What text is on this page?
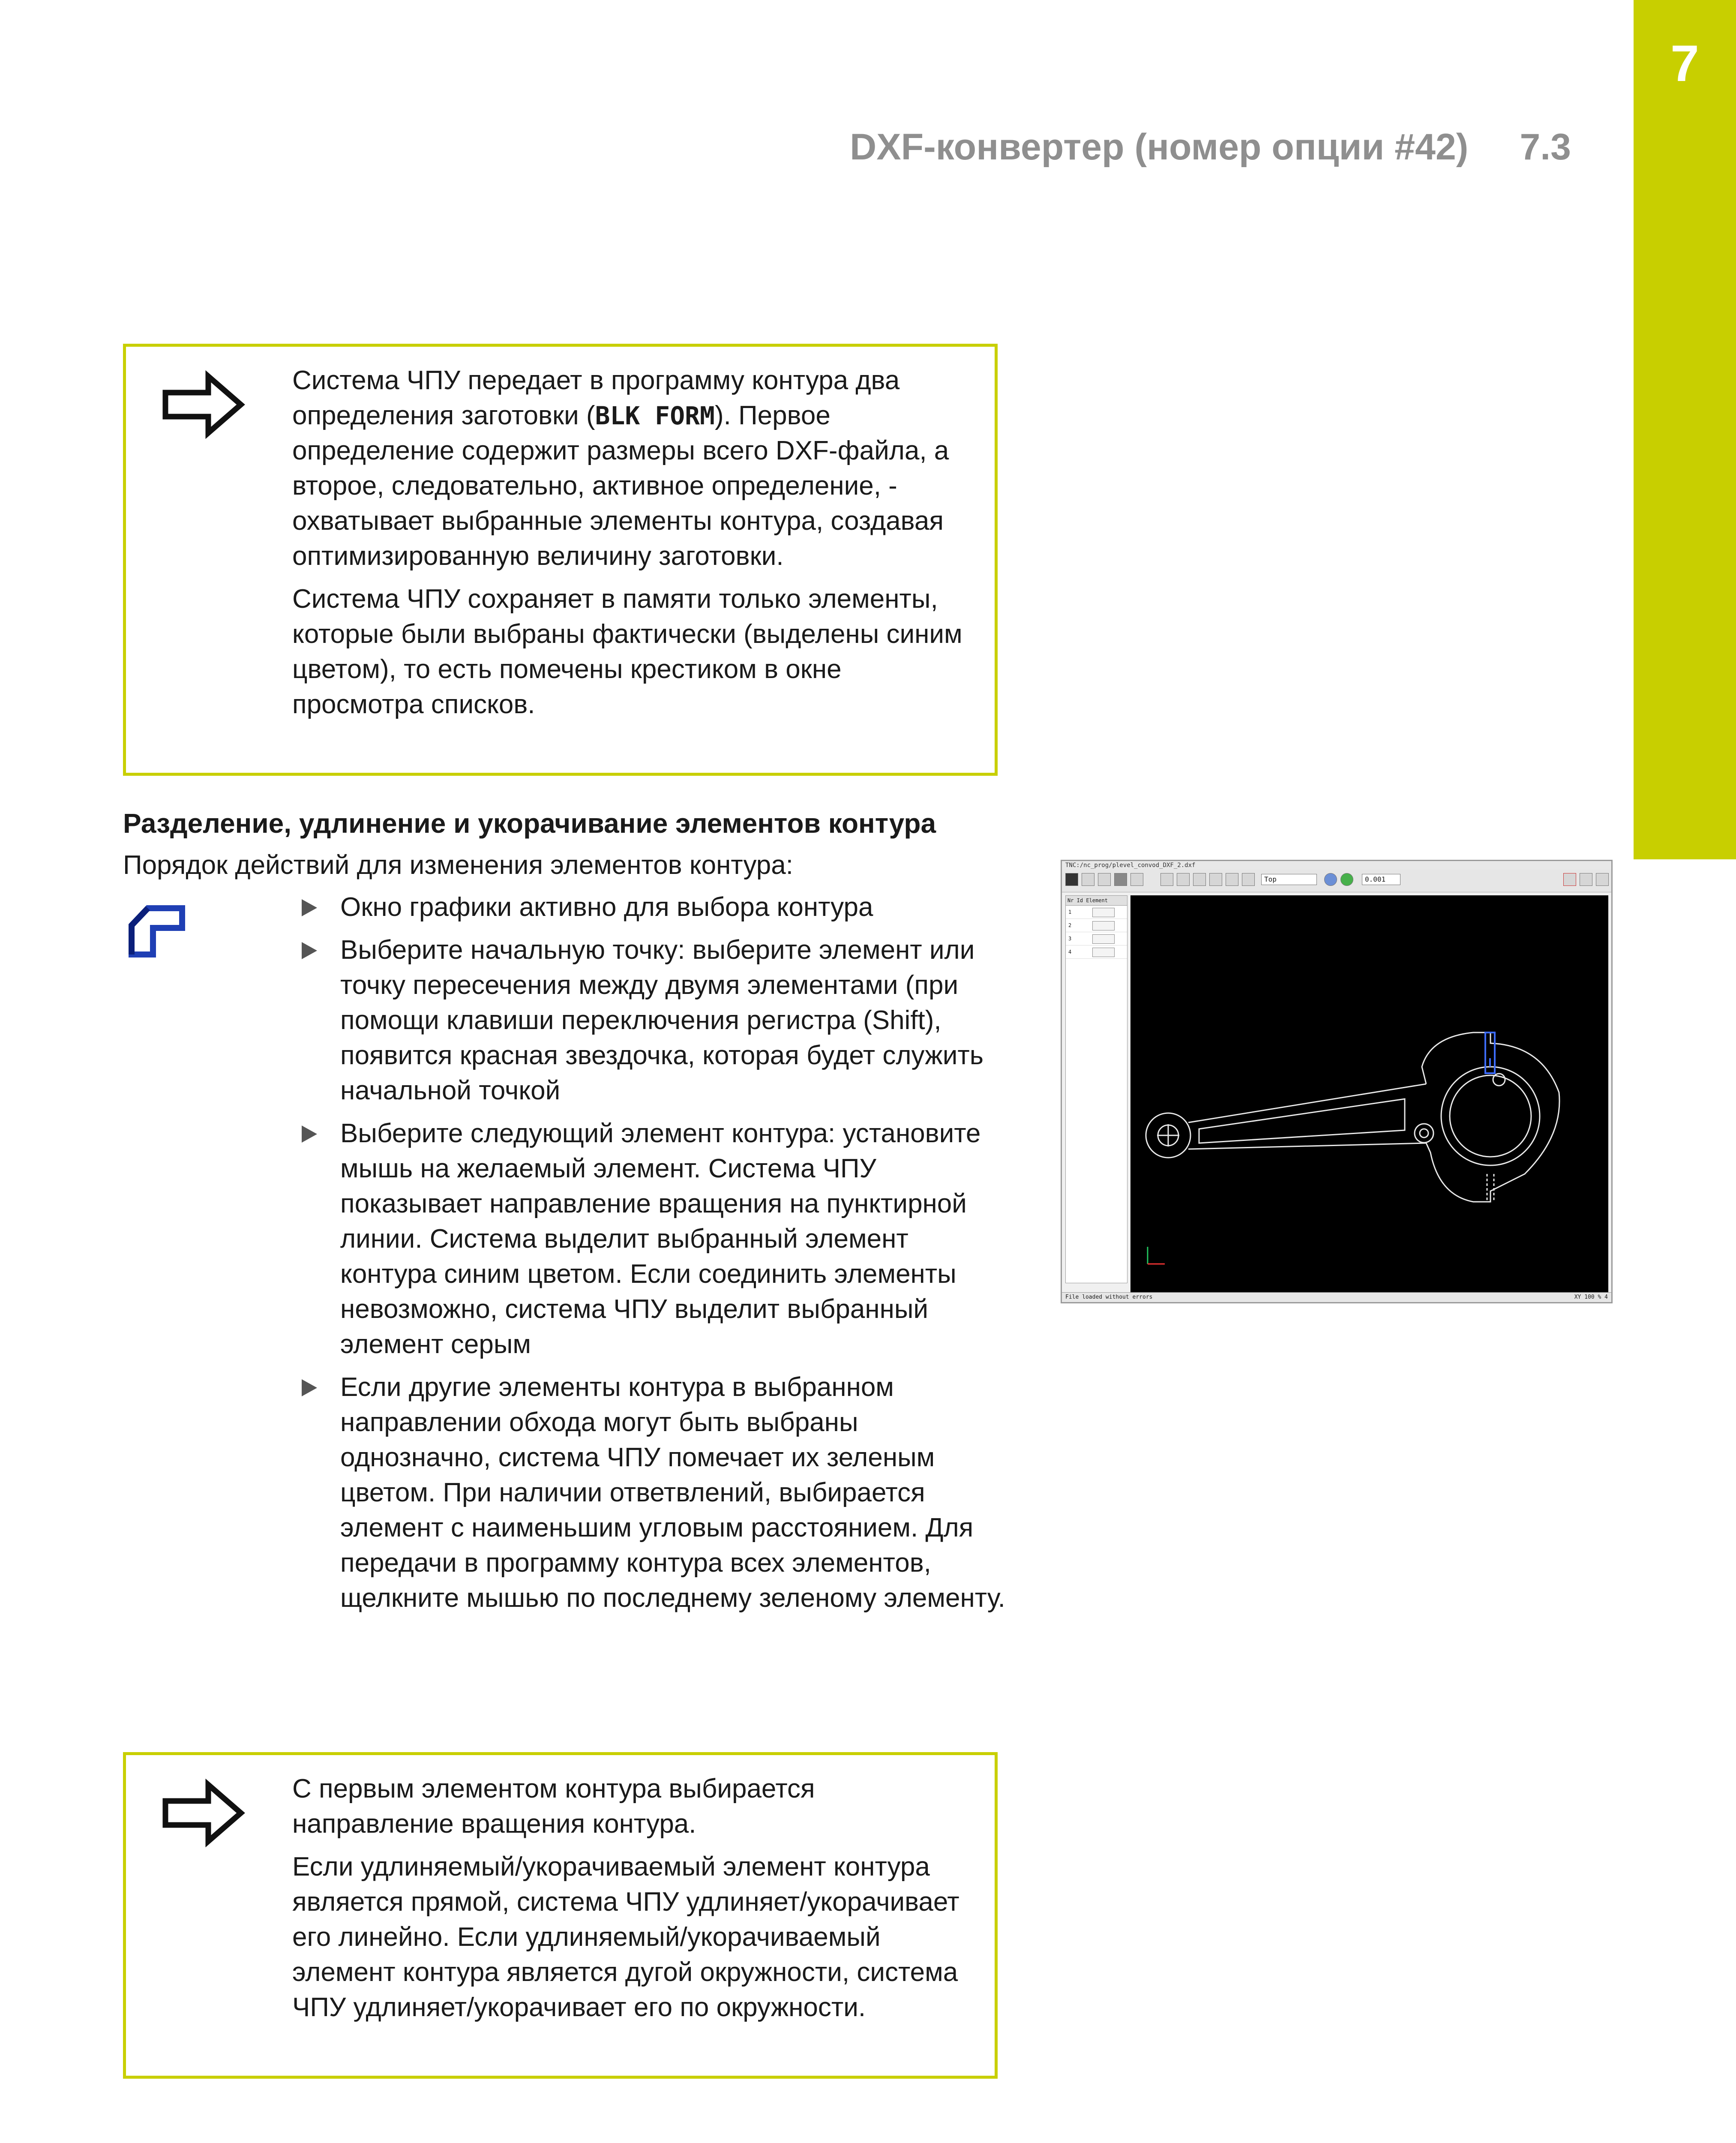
7
DXF-конвертер (номер опции #42) 7.3

Система ЧПУ передает в программу контура два определения заготовки (BLK FORM). Первое определение содержит размеры всего DXF-файла, а второе, следовательно, активное определение, - охватывает выбранные элементы контура, создавая оптимизированную величину заготовки.

Система ЧПУ сохраняет в памяти только элементы, которые были выбраны фактически (выделены синим цветом), то есть помечены крестиком в окне просмотра списков.

Разделение, удлинение и укорачивание элементов контура
Порядок действий для изменения элементов контура:
Окно графики активно для выбора контура
Выберите начальную точку: выберите элемент или точку пересечения между двумя элементами (при помощи клавиши переключения регистра (Shift), появится красная звездочка, которая будет служить начальной точкой
Выберите следующий элемент контура: установите мышь на желаемый элемент. Система ЧПУ показывает направление вращения на пунктирной линии. Система выделит выбранный элемент контура синим цветом. Если соединить элементы невозможно, система ЧПУ выделит выбранный элемент серым
Если другие элементы контура в выбранном направлении обхода могут быть выбраны однозначно, система ЧПУ помечает их зеленым цветом. При наличии ответвлений, выбирается элемент с наименьшим угловым расстоянием. Для передачи в программу контура всех элементов, щелкните мышью по последнему зеленому элементу.
TNC:/nc_prog/plevel_convod_DXF_2.dxf
Top	0.001
Nr Id Element
1
2
3
4
File loaded without errors	XY 100 % 4

С первым элементом контура выбирается направление вращения контура.

Если удлиняемый/укорачиваемый элемент контура является прямой, система ЧПУ удлиняет/укорачивает его линейно. Если удлиняемый/укорачиваемый элемент контура является дугой окружности, система ЧПУ удлиняет/укорачивает его по окружности.
